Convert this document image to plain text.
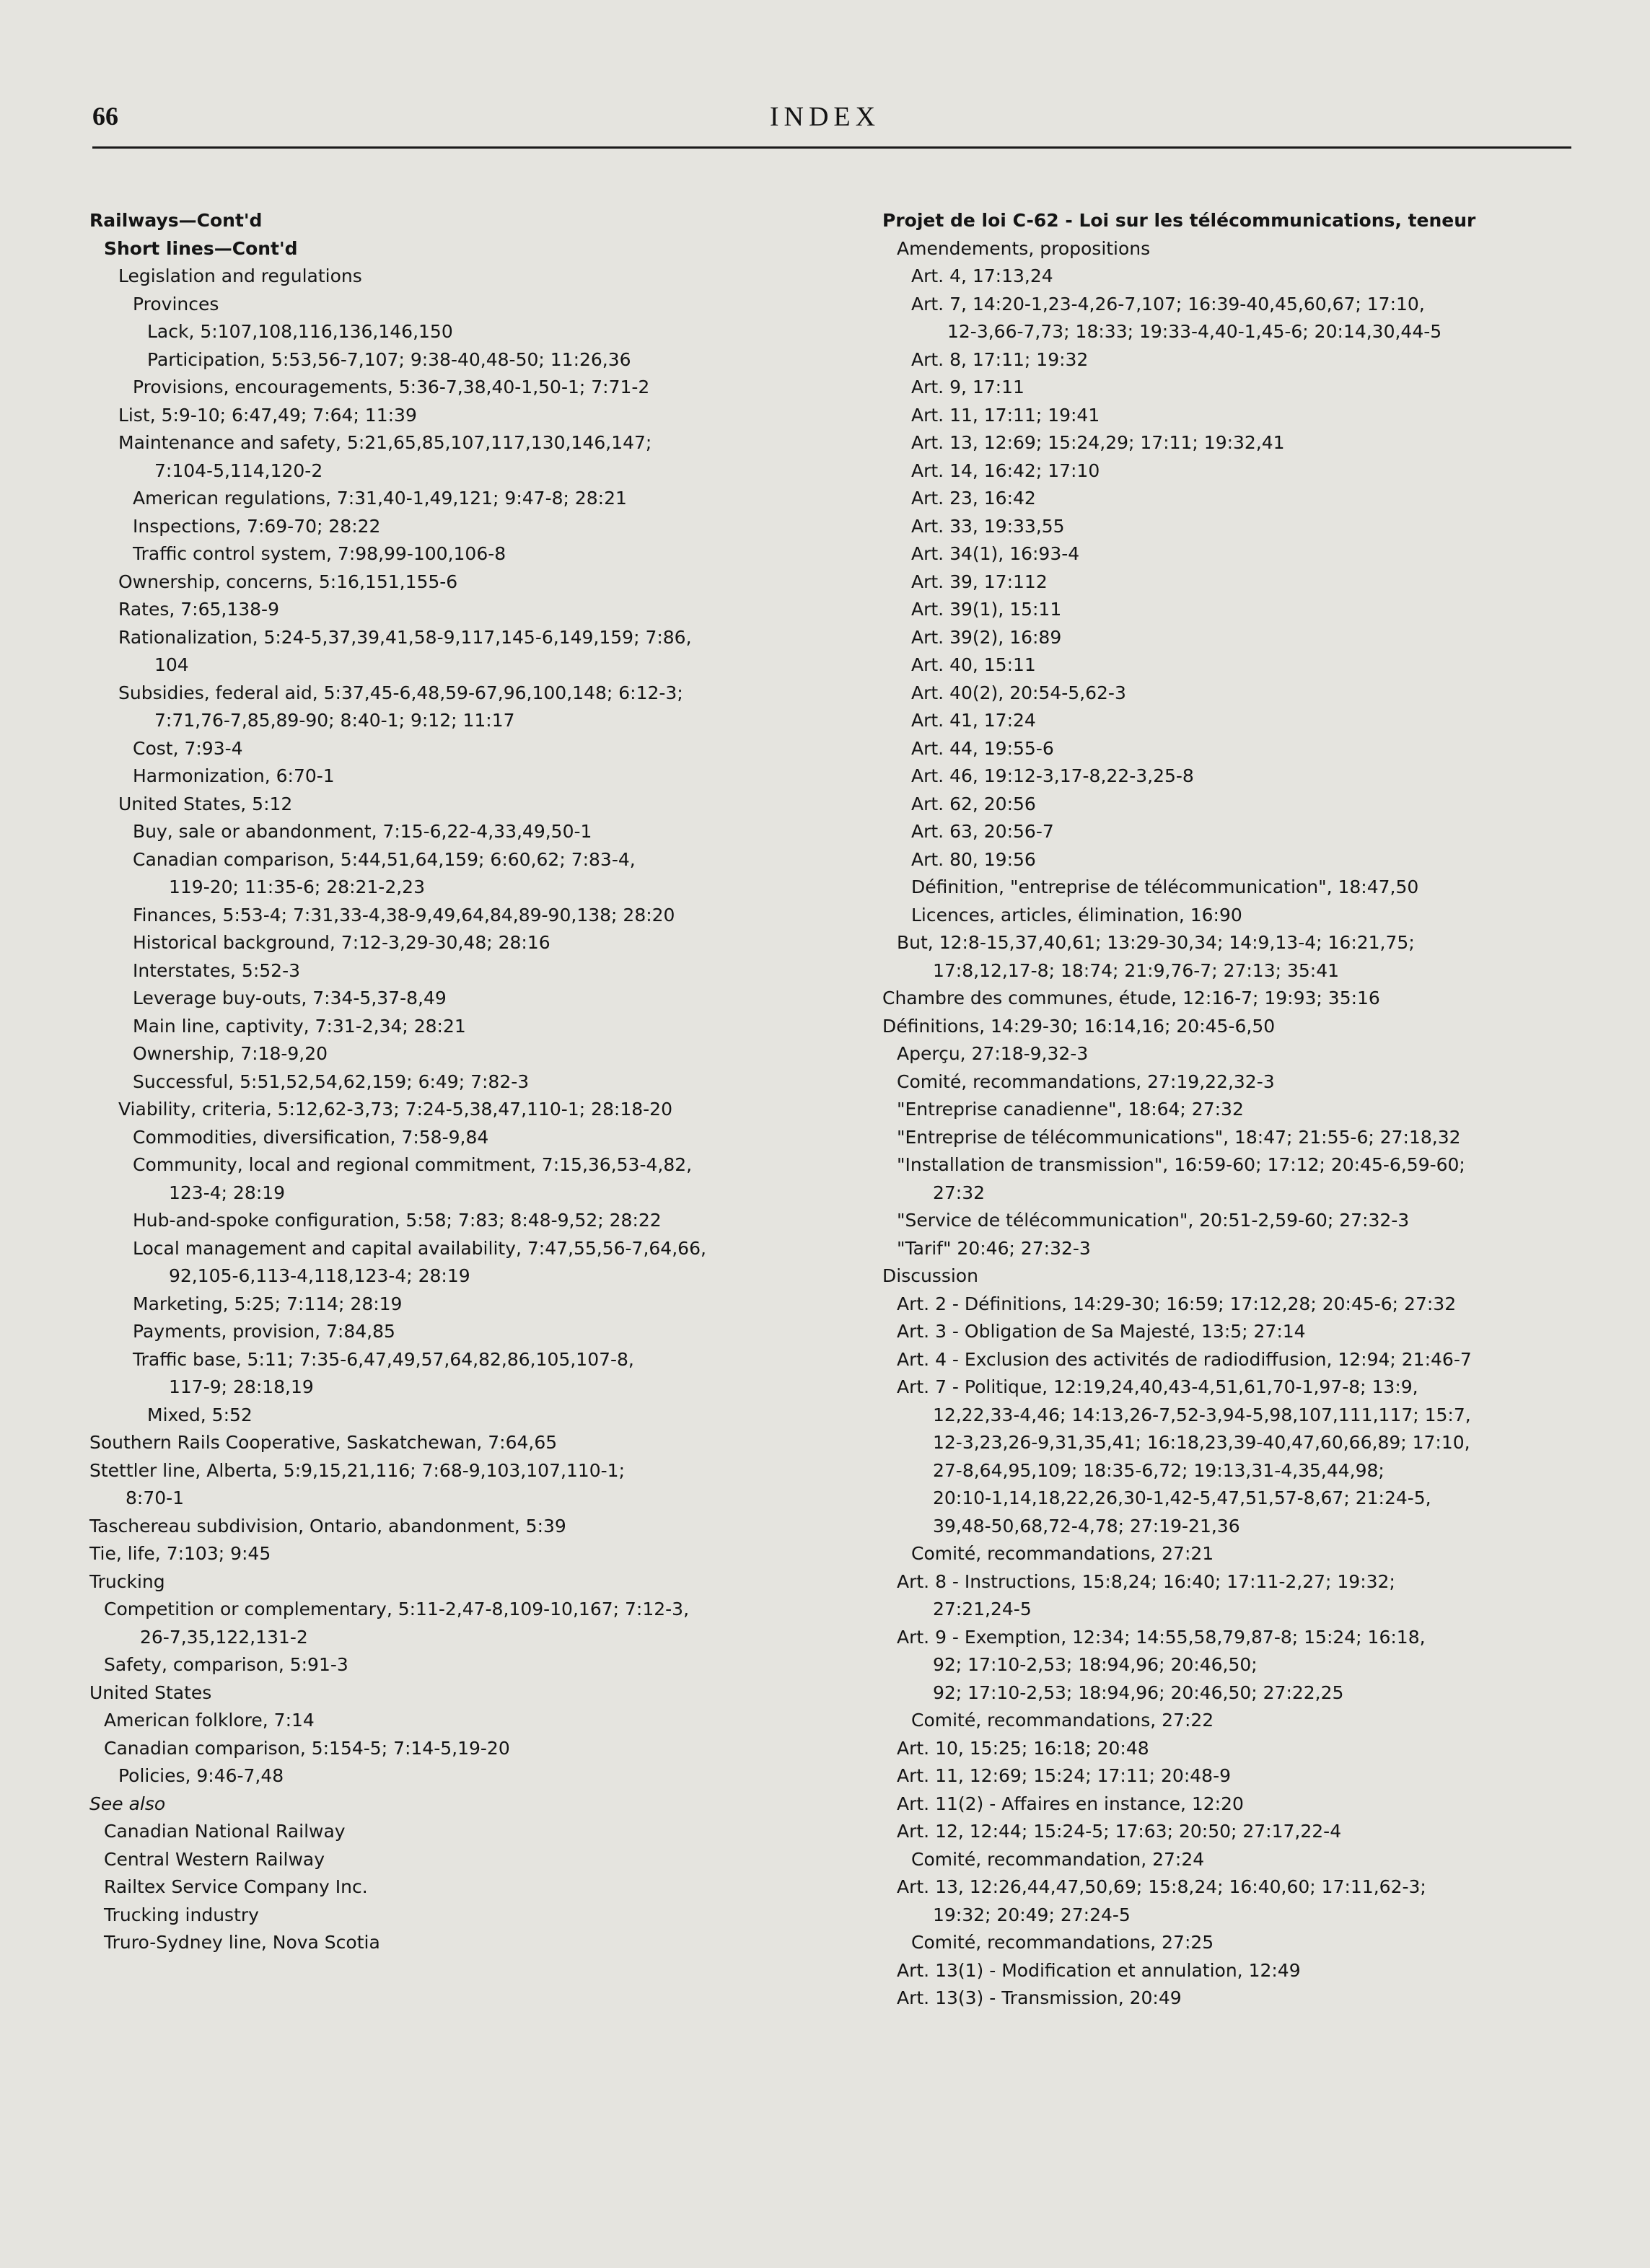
66	INDEX
Railways—Cont'd
Short lines—Cont'd
Legislation and regulations
Provinces
Lack, 5:107,108,116,136,146,150
Participation, 5:53,56-7,107; 9:38-40,48-50; 11:26,36
Provisions, encouragements, 5:36-7,38,40-1,50-1; 7:71-2
List, 5:9-10; 6:47,49; 7:64; 11:39
Maintenance and safety, 5:21,65,85,107,117,130,146,147;
7:104-5,114,120-2
American regulations, 7:31,40-1,49,121; 9:47-8; 28:21
Inspections, 7:69-70; 28:22
Traffic control system, 7:98,99-100,106-8
Ownership, concerns, 5:16,151,155-6
Rates, 7:65,138-9
Rationalization, 5:24-5,37,39,41,58-9,117,145-6,149,159; 7:86,
104
Subsidies, federal aid, 5:37,45-6,48,59-67,96,100,148; 6:12-3;
7:71,76-7,85,89-90; 8:40-1; 9:12; 11:17
Cost, 7:93-4
Harmonization, 6:70-1
United States, 5:12
Buy, sale or abandonment, 7:15-6,22-4,33,49,50-1
Canadian comparison, 5:44,51,64,159; 6:60,62; 7:83-4,
119-20; 11:35-6; 28:21-2,23
Finances, 5:53-4; 7:31,33-4,38-9,49,64,84,89-90,138; 28:20
Historical background, 7:12-3,29-30,48; 28:16
Interstates, 5:52-3
Leverage buy-outs, 7:34-5,37-8,49
Main line, captivity, 7:31-2,34; 28:21
Ownership, 7:18-9,20
Successful, 5:51,52,54,62,159; 6:49; 7:82-3
Viability, criteria, 5:12,62-3,73; 7:24-5,38,47,110-1; 28:18-20
Commodities, diversification, 7:58-9,84
Community, local and regional commitment, 7:15,36,53-4,82,
123-4; 28:19
Hub-and-spoke configuration, 5:58; 7:83; 8:48-9,52; 28:22
Local management and capital availability, 7:47,55,56-7,64,66,
92,105-6,113-4,118,123-4; 28:19
Marketing, 5:25; 7:114; 28:19
Payments, provision, 7:84,85
Traffic base, 5:11; 7:35-6,47,49,57,64,82,86,105,107-8,
117-9; 28:18,19
Mixed, 5:52
Southern Rails Cooperative, Saskatchewan, 7:64,65
Stettler line, Alberta, 5:9,15,21,116; 7:68-9,103,107,110-1;
8:70-1
Taschereau subdivision, Ontario, abandonment, 5:39
Tie, life, 7:103; 9:45
Trucking
Competition or complementary, 5:11-2,47-8,109-10,167; 7:12-3,
26-7,35,122,131-2
Safety, comparison, 5:91-3
United States
American folklore, 7:14
Canadian comparison, 5:154-5; 7:14-5,19-20
Policies, 9:46-7,48
See also
Canadian National Railway
Central Western Railway
Railtex Service Company Inc.
Trucking industry
Truro-Sydney line, Nova Scotia
Projet de loi C-62 - Loi sur les télécommunications, teneur
Amendements, propositions
Art. 4, 17:13,24
Art. 7, 14:20-1,23-4,26-7,107; 16:39-40,45,60,67; 17:10,
12-3,66-7,73; 18:33; 19:33-4,40-1,45-6; 20:14,30,44-5
Art. 8, 17:11; 19:32
Art. 9, 17:11
Art. 11, 17:11; 19:41
Art. 13, 12:69; 15:24,29; 17:11; 19:32,41
Art. 14, 16:42; 17:10
Art. 23, 16:42
Art. 33, 19:33,55
Art. 34(1), 16:93-4
Art. 39, 17:112
Art. 39(1), 15:11
Art. 39(2), 16:89
Art. 40, 15:11
Art. 40(2), 20:54-5,62-3
Art. 41, 17:24
Art. 44, 19:55-6
Art. 46, 19:12-3,17-8,22-3,25-8
Art. 62, 20:56
Art. 63, 20:56-7
Art. 80, 19:56
Définition, "entreprise de télécommunication", 18:47,50
Licences, articles, élimination, 16:90
But, 12:8-15,37,40,61; 13:29-30,34; 14:9,13-4; 16:21,75;
17:8,12,17-8; 18:74; 21:9,76-7; 27:13; 35:41
Chambre des communes, étude, 12:16-7; 19:93; 35:16
Définitions, 14:29-30; 16:14,16; 20:45-6,50
Aperçu, 27:18-9,32-3
Comité, recommandations, 27:19,22,32-3
"Entreprise canadienne", 18:64; 27:32
"Entreprise de télécommunications", 18:47; 21:55-6; 27:18,32
"Installation de transmission", 16:59-60; 17:12; 20:45-6,59-60;
27:32
"Service de télécommunication", 20:51-2,59-60; 27:32-3
"Tarif" 20:46; 27:32-3
Discussion
Art. 2 - Définitions, 14:29-30; 16:59; 17:12,28; 20:45-6; 27:32
Art. 3 - Obligation de Sa Majesté, 13:5; 27:14
Art. 4 - Exclusion des activités de radiodiffusion, 12:94; 21:46-7
Art. 7 - Politique, 12:19,24,40,43-4,51,61,70-1,97-8; 13:9,
12,22,33-4,46; 14:13,26-7,52-3,94-5,98,107,111,117; 15:7,
12-3,23,26-9,31,35,41; 16:18,23,39-40,47,60,66,89; 17:10,
27-8,64,95,109; 18:35-6,72; 19:13,31-4,35,44,98;
20:10-1,14,18,22,26,30-1,42-5,47,51,57-8,67; 21:24-5,
39,48-50,68,72-4,78; 27:19-21,36
Comité, recommandations, 27:21
Art. 8 - Instructions, 15:8,24; 16:40; 17:11-2,27; 19:32;
27:21,24-5
Art. 9 - Exemption, 12:34; 14:55,58,79,87-8; 15:24; 16:18,
92; 17:10-2,53; 18:94,96; 20:46,50;
92; 17:10-2,53; 18:94,96; 20:46,50; 27:22,25
Comité, recommandations, 27:22
Art. 10, 15:25; 16:18; 20:48
Art. 11, 12:69; 15:24; 17:11; 20:48-9
Art. 11(2) - Affaires en instance, 12:20
Art. 12, 12:44; 15:24-5; 17:63; 20:50; 27:17,22-4
Comité, recommandation, 27:24
Art. 13, 12:26,44,47,50,69; 15:8,24; 16:40,60; 17:11,62-3;
19:32; 20:49; 27:24-5
Comité, recommandations, 27:25
Art. 13(1) - Modification et annulation, 12:49
Art. 13(3) - Transmission, 20:49
